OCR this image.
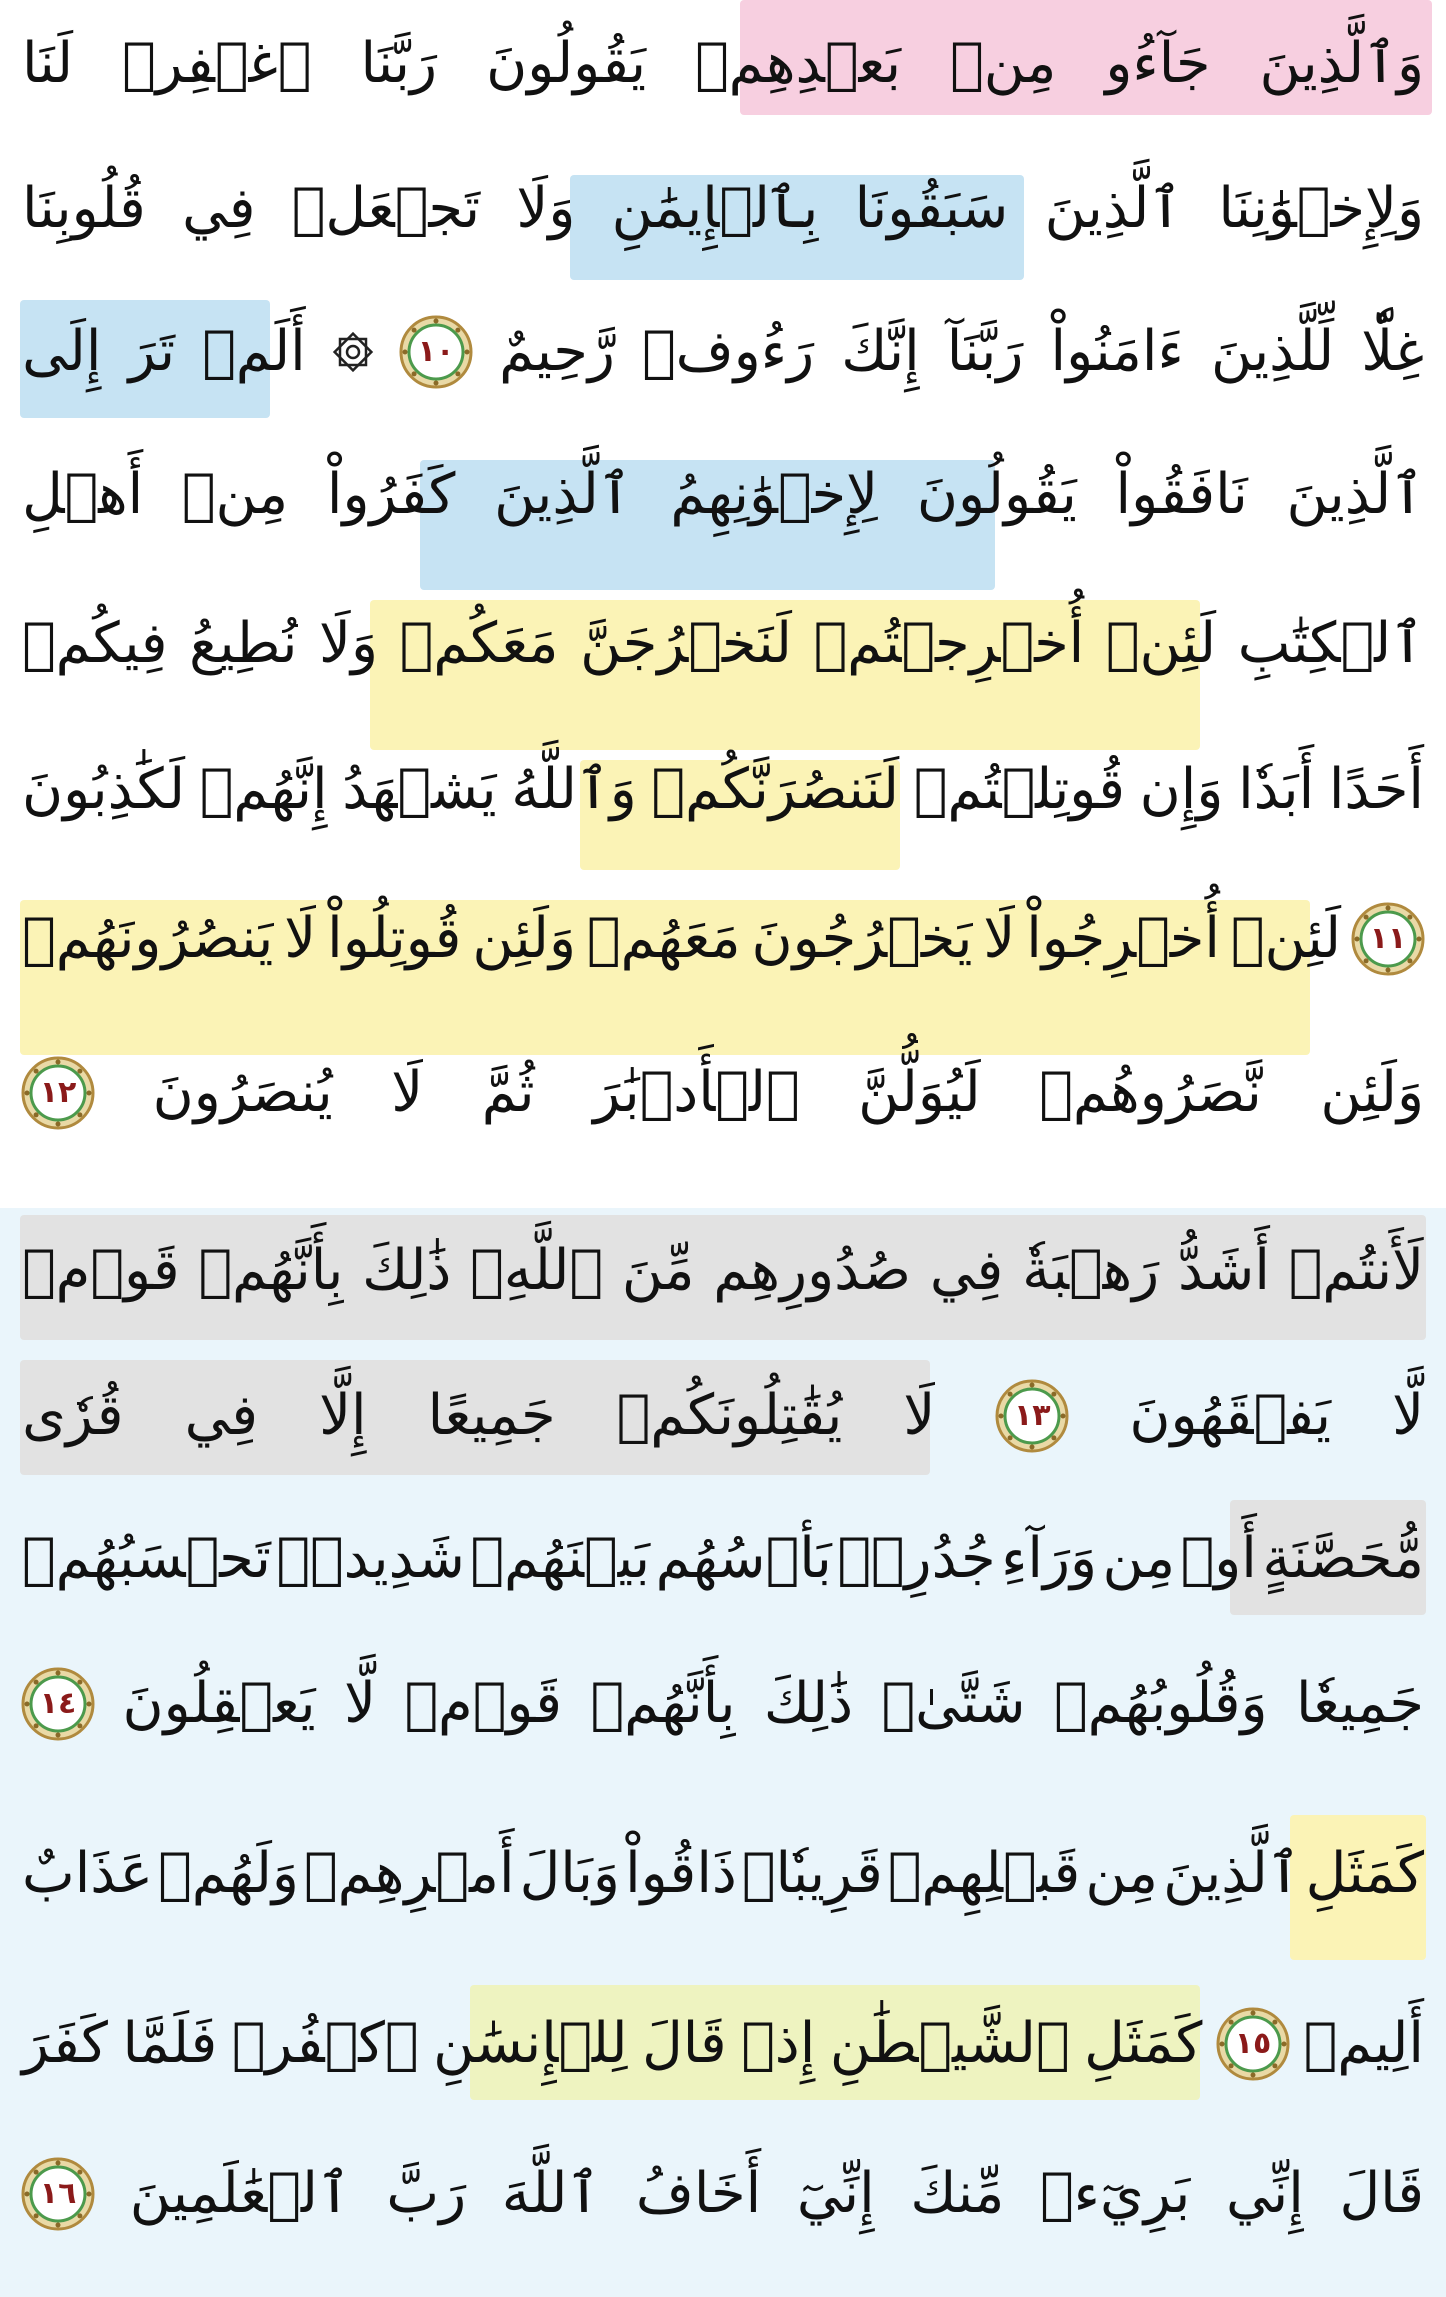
وَٱلَّذِينَ
جَآءُو
مِنۢ
بَعۡدِهِمۡ
يَقُولُونَ
رَبَّنَا
ٱغۡفِرۡ
لَنَا
وَلِإِخۡوَٰنِنَا
ٱلَّذِينَ
سَبَقُونَا
بِٱلۡإِيمَٰنِ
وَلَا
تَجۡعَلۡ
فِي
قُلُوبِنَا
غِلّٗا
لِّلَّذِينَ
ءَامَنُواْ
رَبَّنَآ
إِنَّكَ
رَءُوفٞ
رَّحِيمٌ
١٠
أَلَمۡ
تَرَ
إِلَى
ٱلَّذِينَ
نَافَقُواْ
يَقُولُونَ
لِإِخۡوَٰنِهِمُ
ٱلَّذِينَ
كَفَرُواْ
مِنۡ
أَهۡلِ
ٱلۡكِتَٰبِ
لَئِنۡ
أُخۡرِجۡتُمۡ
لَنَخۡرُجَنَّ
مَعَكُمۡ
وَلَا
نُطِيعُ
فِيكُمۡ
أَحَدًا
أَبَدٗا
وَإِن
قُوتِلۡتُمۡ
لَنَنصُرَنَّكُمۡ
وَٱللَّهُ
يَشۡهَدُ
إِنَّهُمۡ
لَكَٰذِبُونَ
١١
لَئِنۡ
أُخۡرِجُواْ
لَا
يَخۡرُجُونَ
مَعَهُمۡ
وَلَئِن
قُوتِلُواْ
لَا
يَنصُرُونَهُمۡ
وَلَئِن
نَّصَرُوهُمۡ
لَيُوَلُّنَّ
ٱلۡأَدۡبَٰرَ
ثُمَّ
لَا
يُنصَرُونَ
١٢
لَأَنتُمۡ
أَشَدُّ
رَهۡبَةٗ
فِي
صُدُورِهِم
مِّنَ
ٱللَّهِۚ
ذَٰلِكَ
بِأَنَّهُمۡ
قَوۡمٞ
لَّا
يَفۡقَهُونَ
١٣
لَا
يُقَٰتِلُونَكُمۡ
جَمِيعًا
إِلَّا
فِي
قُرٗى
مُّحَصَّنَةٍ
أَوۡ
مِن
وَرَآءِ
جُدُرِۭۚ
بَأۡسُهُم
بَيۡنَهُمۡ
شَدِيدٞۚ
تَحۡسَبُهُمۡ
جَمِيعٗا
وَقُلُوبُهُمۡ
شَتَّىٰۚ
ذَٰلِكَ
بِأَنَّهُمۡ
قَوۡمٞ
لَّا
يَعۡقِلُونَ
١٤
كَمَثَلِ
ٱلَّذِينَ
مِن
قَبۡلِهِمۡ
قَرِيبٗاۖ
ذَاقُواْ
وَبَالَ
أَمۡرِهِمۡ
وَلَهُمۡ
عَذَابٌ
أَلِيمٞ
١٥
كَمَثَلِ
ٱلشَّيۡطَٰنِ
إِذۡ
قَالَ
لِلۡإِنسَٰنِ
ٱكۡفُرۡ
فَلَمَّا
كَفَرَ
قَالَ
إِنِّي
بَرِيٓءٞ
مِّنكَ
إِنِّيٓ
أَخَافُ
ٱللَّهَ
رَبَّ
ٱلۡعَٰلَمِينَ
١٦
